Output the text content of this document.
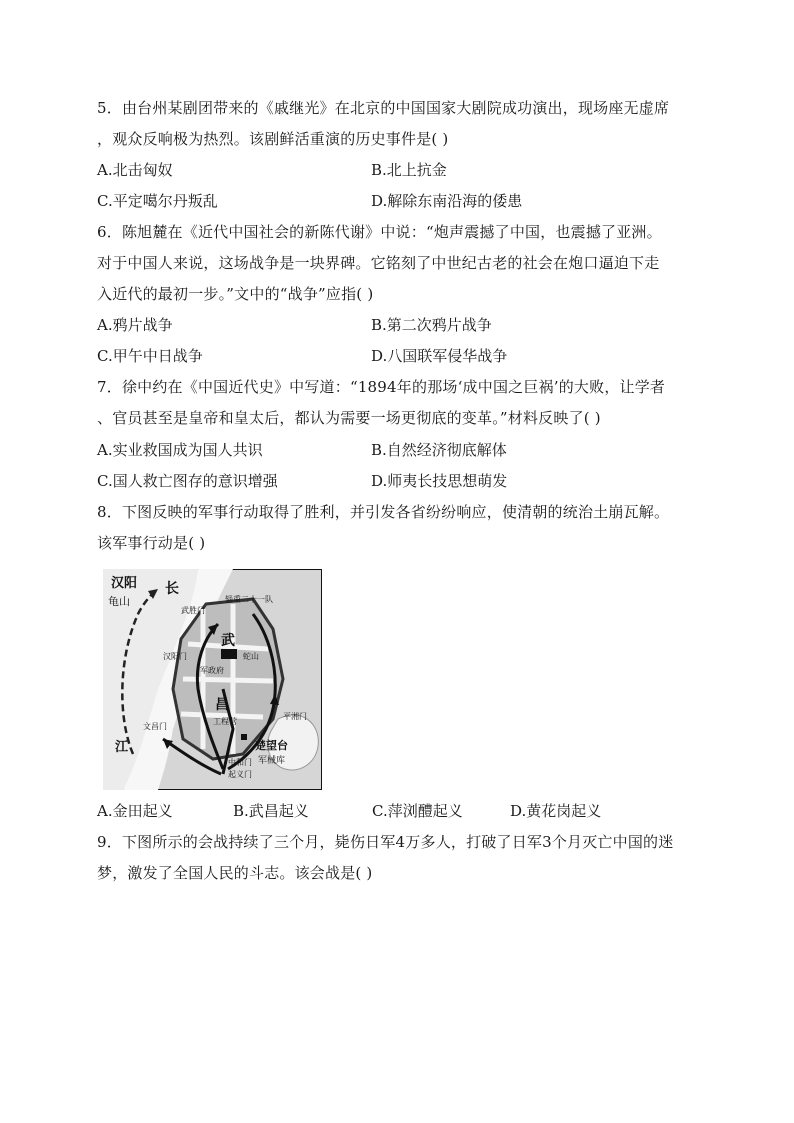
5．由台州某剧团带来的《戚继光》在北京的中国国家大剧院成功演出，现场座无虚席
，观众反响极为热烈。该剧鲜活重演的历史事件是( )
A.北击匈奴	B.北上抗金
C.平定噶尔丹叛乱	D.解除东南沿海的倭患
6．陈旭麓在《近代中国社会的新陈代谢》中说：“炮声震撼了中国，也震撼了亚洲。
对于中国人来说，这场战争是一块界碑。它铭刻了中世纪古老的社会在炮口逼迫下走
入近代的最初一步。”文中的“战争”应指( )
A.鸦片战争	B.第二次鸦片战争
C.甲午中日战争	D.八国联军侵华战争
7．徐中约在《中国近代史》中写道：“1894年的那场‘成中国之巨祸’的大败，让学者
、官员甚至是皇帝和皇太后，都认为需要一场更彻底的变革。”材料反映了( )
A.实业救国成为国人共识	B.自然经济彻底解体
C.国人救亡图存的意识增强	D.师夷长技思想萌发
8．下图反映的军事行动取得了胜利，并引发各省纷纷响应，使清朝的统治土崩瓦解。
该军事行动是( )
汉阳
龟山
长
江
武
昌
武胜门
辎重二十一队
汉阳门
军政府
蛇山
文昌门
工程营
平湘门
楚望台
军械库
中和门
起义门
A.金田起义	B.武昌起义	C.萍浏醴起义	D.黄花岗起义
9．下图所示的会战持续了三个月，毙伤日军4万多人，打破了日军3个月灭亡中国的迷
梦，激发了全国人民的斗志。该会战是( )
